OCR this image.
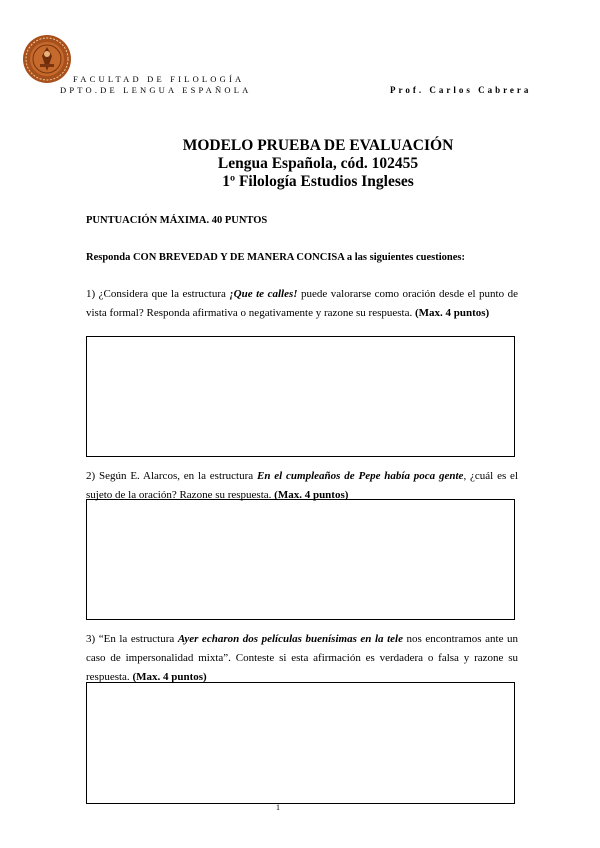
FACULTAD DE FILOLOGÍA
DPTO.DE LENGUA ESPAÑOLA	Prof. Carlos Cabrera
MODELO PRUEBA DE EVALUACIÓN
Lengua Española, cód. 102455
1º Filología Estudios Ingleses
PUNTUACIÓN MÁXIMA. 40 PUNTOS
Responda CON BREVEDAD Y DE MANERA CONCISA a las siguientes cuestiones:
1) ¿Considera que la estructura ¡Que te calles! puede valorarse como oración desde el punto de vista formal? Responda afirmativa o negativamente y razone su respuesta. (Max. 4 puntos)
2) Según E. Alarcos, en la estructura En el cumpleaños de Pepe había poca gente, ¿cuál es el sujeto de la oración? Razone su respuesta. (Max. 4 puntos)
3) “En la estructura Ayer echaron dos películas buenísimas en la tele nos encontramos ante un caso de impersonalidad mixta”. Conteste si esta afirmación es verdadera o falsa y razone su respuesta. (Max. 4 puntos)
1
